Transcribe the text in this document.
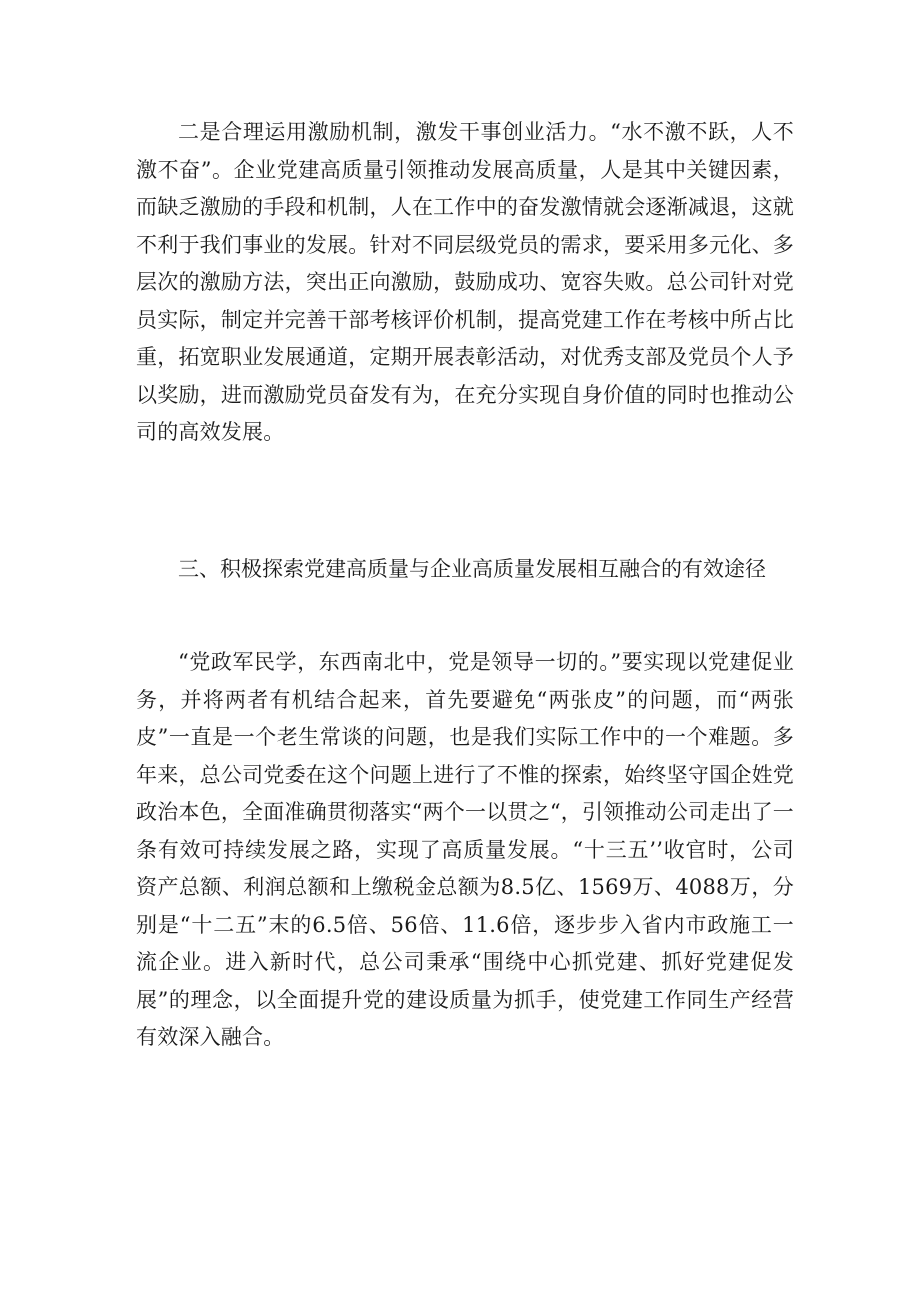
二是合理运用激励机制，激发干事创业活力。“水不激不跃，人不激不奋”。企业党建高质量引领推动发展高质量，人是其中关键因素，而缺乏激励的手段和机制，人在工作中的奋发激情就会逐渐减退，这就不利于我们事业的发展。针对不同层级党员的需求，要采用多元化、多层次的激励方法，突出正向激励，鼓励成功、宽容失败。总公司针对党员实际，制定并完善干部考核评价机制，提高党建工作在考核中所占比重，拓宽职业发展通道，定期开展表彰活动，对优秀支部及党员个人予以奖励，进而激励党员奋发有为，在充分实现自身价值的同时也推动公司的高效发展。

三、积极探索党建高质量与企业高质量发展相互融合的有效途径

“党政军民学，东西南北中，党是领导一切的。”要实现以党建促业务，并将两者有机结合起来，首先要避免“两张皮”的问题，而“两张皮”一直是一个老生常谈的问题，也是我们实际工作中的一个难题。多年来，总公司党委在这个问题上进行了不惟的探索，始终坚守国企姓党政治本色，全面准确贯彻落实“两个一以贯之“，引领推动公司走出了一条有效可持续发展之路，实现了高质量发展。“十三五’’收官时，公司资产总额、利润总额和上缴税金总额为8.5亿、1569万、4088万，分别是“十二五”末的6.5倍、56倍、11.6倍，逐步步入省内市政施工一流企业。进入新时代，总公司秉承“围绕中心抓党建、抓好党建促发展”的理念，以全面提升党的建设质量为抓手，使党建工作同生产经营有效深入融合。
